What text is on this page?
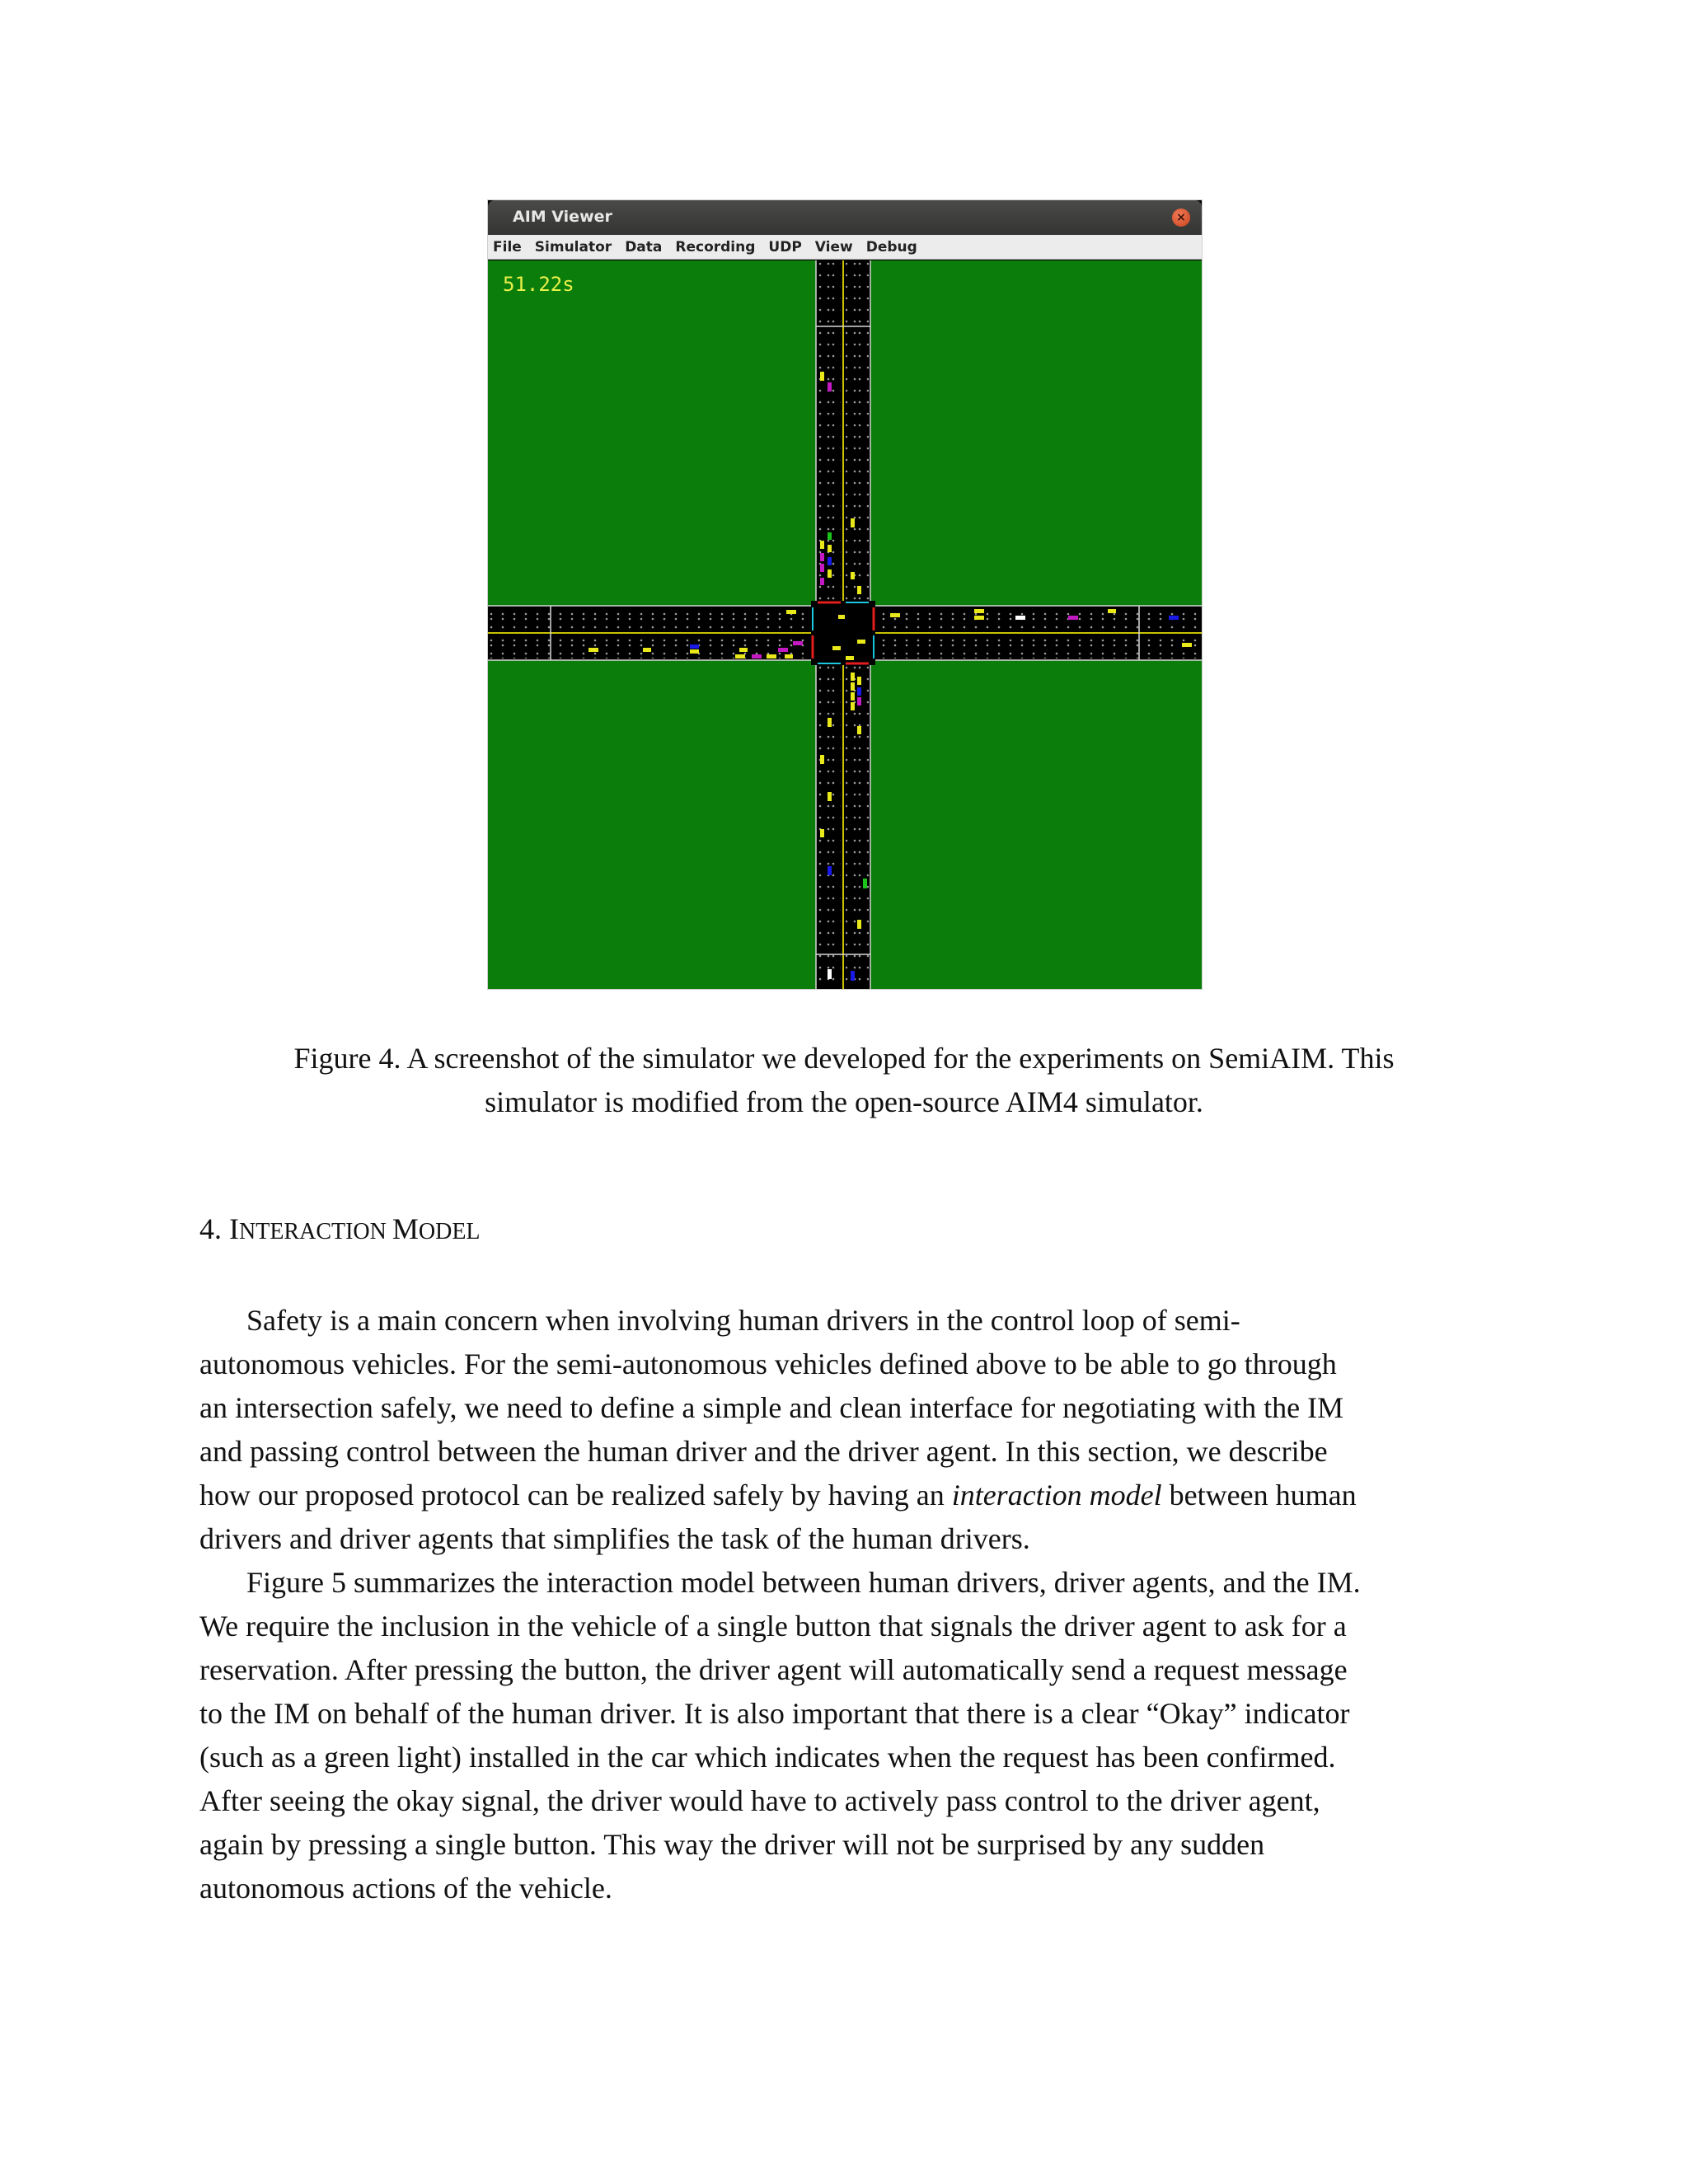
AIM Viewer	×
File Simulator Data Recording UDP View Debug
51.22s
Figure 4. A screenshot of the simulator we developed for the experiments on SemiAIM. This
simulator is modified from the open-source AIM4 simulator.
4. INTERACTION MODEL
Safety is a main concern when involving human drivers in the control loop of semi-
autonomous vehicles. For the semi-autonomous vehicles defined above to be able to go through
an intersection safely, we need to define a simple and clean interface for negotiating with the IM
and passing control between the human driver and the driver agent. In this section, we describe
how our proposed protocol can be realized safely by having an interaction model between human
drivers and driver agents that simplifies the task of the human drivers.
Figure 5 summarizes the interaction model between human drivers, driver agents, and the IM.
We require the inclusion in the vehicle of a single button that signals the driver agent to ask for a
reservation. After pressing the button, the driver agent will automatically send a request message
to the IM on behalf of the human driver. It is also important that there is a clear “Okay” indicator
(such as a green light) installed in the car which indicates when the request has been confirmed.
After seeing the okay signal, the driver would have to actively pass control to the driver agent,
again by pressing a single button. This way the driver will not be surprised by any sudden
autonomous actions of the vehicle.
